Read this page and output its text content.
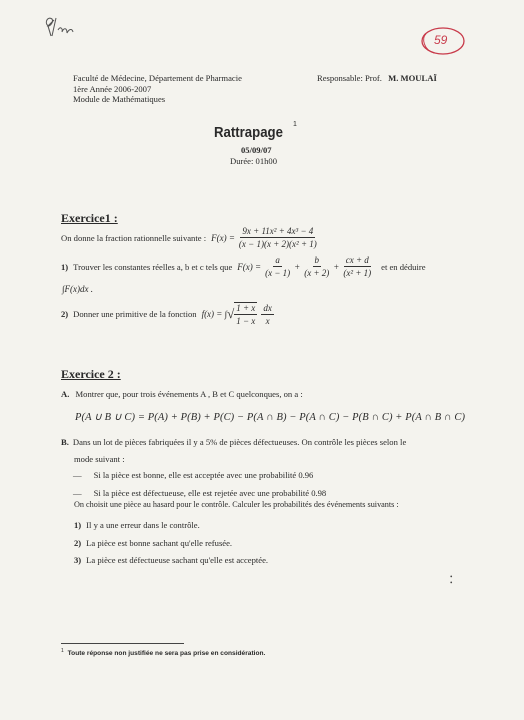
59
Faculté de Médecine, Département de Pharmacie
1ère Année 2006-2007
Module de Mathématiques
Responsable: Prof. M. MOULAÏ
Rattrapage 1
05/09/07
Durée: 01h00
Exercice1 :
On donne la fraction rationnelle suivante : $F(x) = \frac{\text{9x + 11x² + 4x³ − 4}}{\text{(x − 1)(x + 2)(x² + 1)}}$
1) Trouver les constantes réelles a, b et c tels que $F(x) = \frac{a}{(x - 1)} + \frac{b}{(x + 2)} + \frac{cx + d}{\text{(x² + 1)}}$ et en déduire
∫F(x)dx .
2) Donner une primitive de la fonction f(x) = ∫ √ $\frac{1 + x}{1 - x} \frac{dx}{x}$
Exercice 2 :
A. Montrer que, pour trois événements A , B et C quelconques, on a :
P(A ∪ B ∪ C) = P(A) + P(B) + P(C) − P(A ∩ B) − P(A ∩ C) − P(B ∩ C) + P(A ∩ B ∩ C)
B. Dans un lot de pièces fabriquées il y a 5% de pièces défectueuses. On contrôle les pièces selon le
mode suivant :
— Si la pièce est bonne, elle est acceptée avec une probabilité 0.96
— Si la pièce est défectueuse, elle est rejetée avec une probabilité 0.98
On choisit une pièce au hasard pour le contrôle. Calculer les probabilités des événements suivants :
1) Il y a une erreur dans le contrôle.
2) La pièce est bonne sachant qu'elle refusée.
3) La pièce est défectueuse sachant qu'elle est acceptée.
•
•
$^1$ Toute réponse non justifiée ne sera pas prise en considération.
